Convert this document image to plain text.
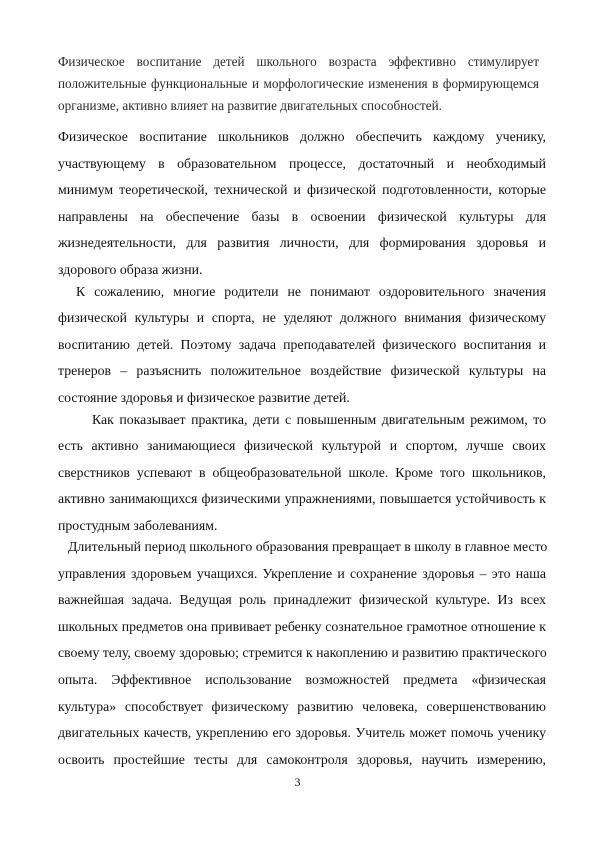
Физическое воспитание детей школьного возраста эффективно стимулирует
положительные функциональные и морфологические изменения в формирующемся
организме, активно влияет на развитие двигательных способностей.
Физическое воспитание школьников должно обеспечить каждому ученику,
участвующему в образовательном процессе, достаточный и необходимый
минимум теоретической, технической и физической подготовленности, которые
направлены на обеспечение базы в освоении физической культуры для
жизнедеятельности, для развития личности, для формирования здоровья и
здорового образа жизни.
К сожалению, многие родители не понимают оздоровительного значения
физической культуры и спорта, не уделяют должного внимания физическому
воспитанию детей. Поэтому задача преподавателей физического воспитания и
тренеров – разъяснить положительное воздействие физической культуры на
состояние здоровья и физическое развитие детей.
Как показывает практика, дети с повышенным двигательным режимом, то
есть активно занимающиеся физической культурой и спортом, лучше своих
сверстников успевают в общеобразовательной школе. Кроме того школьников,
активно занимающихся физическими упражнениями, повышается устойчивость к
простудным заболеваниям.
Длительный период школьного образования превращает в школу в главное место
управления здоровьем учащихся. Укрепление и сохранение здоровья – это наша
важнейшая задача. Ведущая роль принадлежит физической культуре. Из всех
школьных предметов она прививает ребенку сознательное грамотное отношение к
своему телу, своему здоровью; стремится к накоплению и развитию практического
опыта. Эффективное использование возможностей предмета «физическая
культура» способствует физическому развитию человека, совершенствованию
двигательных качеств, укреплению его здоровья. Учитель может помочь ученику
освоить простейшие тесты для самоконтроля здоровья, научить измерению,
3
